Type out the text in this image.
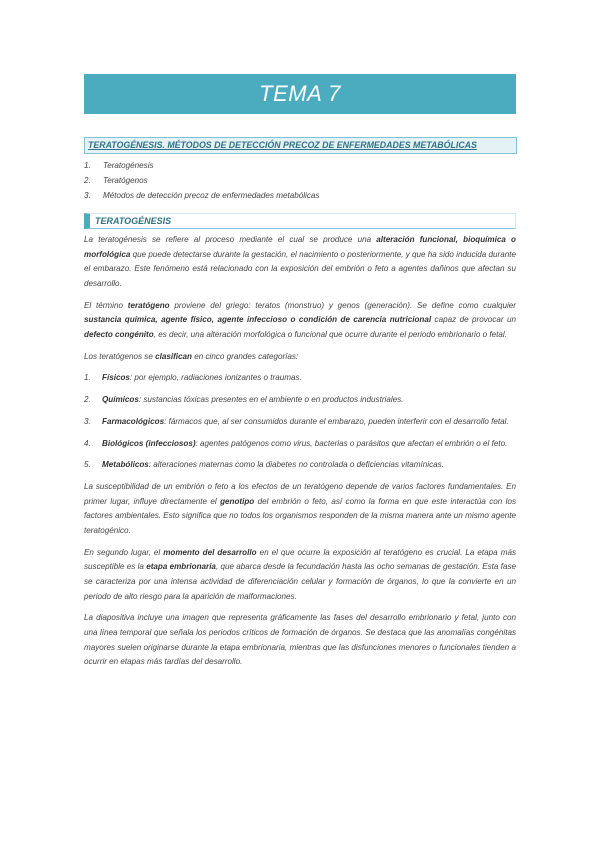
TEMA 7
TERATOGÉNESIS. MÉTODOS DE DETECCIÓN PRECOZ DE ENFERMEDADES METABÓLICAS
1.	Teratogénesis
2.	Teratógenos
3.	Métodos de detección precoz de enfermedades metabólicas
TERATOGÉNESIS

La teratogénesis se refiere al proceso mediante el cual se produce una alteración funcional, bioquímica o morfológica que puede detectarse durante la gestación, el nacimiento o posteriormente, y que ha sido inducida durante el embarazo. Este fenómeno está relacionado con la exposición del embrión o feto a agentes dañinos que afectan su desarrollo.

El término teratógeno proviene del griego: teratos (monstruo) y genos (generación). Se define como cualquier sustancia química, agente físico, agente infeccioso o condición de carencia nutricional capaz de provocar un defecto congénito, es decir, una alteración morfológica o funcional que ocurre durante el periodo embrionario o fetal.

Los teratógenos se clasifican en cinco grandes categorías:

1.	Físicos: por ejemplo, radiaciones ionizantes o traumas.
2.	Químicos: sustancias tóxicas presentes en el ambiente o en productos industriales.
3.	Farmacológicos: fármacos que, al ser consumidos durante el embarazo, pueden interferir con el desarrollo fetal.
4.	Biológicos (infecciosos): agentes patógenos como virus, bacterias o parásitos que afectan el embrión o el feto.
5.	Metabólicos: alteraciones maternas como la diabetes no controlada o deficiencias vitamínicas.

La susceptibilidad de un embrión o feto a los efectos de un teratógeno depende de varios factores fundamentales. En primer lugar, influye directamente el genotipo del embrión o feto, así como la forma en que este interactúa con los factores ambientales. Esto significa que no todos los organismos responden de la misma manera ante un mismo agente teratogénico.

En segundo lugar, el momento del desarrollo en el que ocurre la exposición al teratógeno es crucial. La etapa más susceptible es la etapa embrionaria, que abarca desde la fecundación hasta las ocho semanas de gestación. Esta fase se caracteriza por una intensa actividad de diferenciación celular y formación de órganos, lo que la convierte en un periodo de alto riesgo para la aparición de malformaciones.

La diapositiva incluye una imagen que representa gráficamente las fases del desarrollo embrionario y fetal, junto con una línea temporal que señala los periodos críticos de formación de órganos. Se destaca que las anomalías congénitas mayores suelen originarse durante la etapa embrionaria, mientras que las disfunciones menores o funcionales tienden a ocurrir en etapas más tardías del desarrollo.
